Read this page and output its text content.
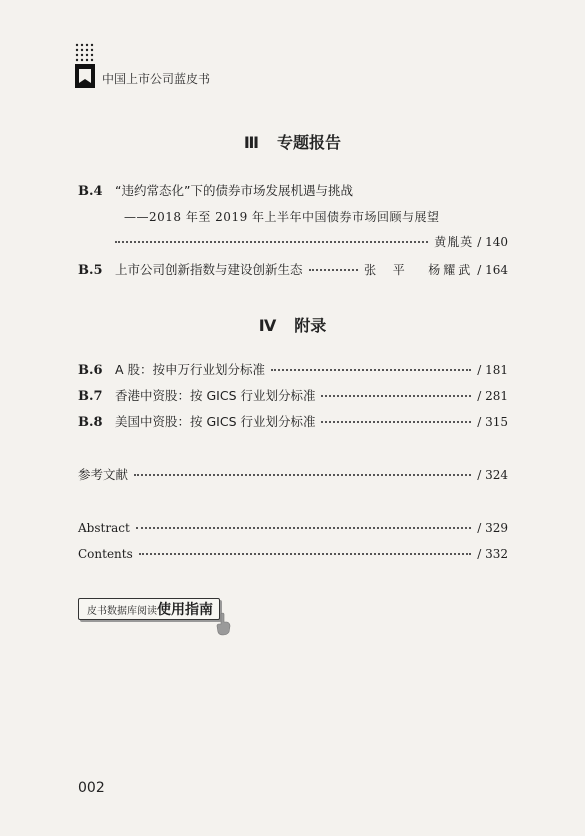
中国上市公司蓝皮书
Ⅲ 专题报告
B.4 “违约常态化”下的债券市场发展机遇与挑战
——2018 年至 2019 年上半年中国债券市场回顾与展望
黄胤英 / 140
B.5 上市公司创新指数与建设创新生态	张  平   杨耀武 / 164
Ⅳ 附录
B.6 A 股：按申万行业划分标准	/ 181
B.7 香港中资股：按 GICS 行业划分标准	/ 281
B.8 美国中资股：按 GICS 行业划分标准	/ 315
参考文献	/ 324
Abstract	/ 329
Contents	/ 332
皮书数据库阅读 使用指南
002
